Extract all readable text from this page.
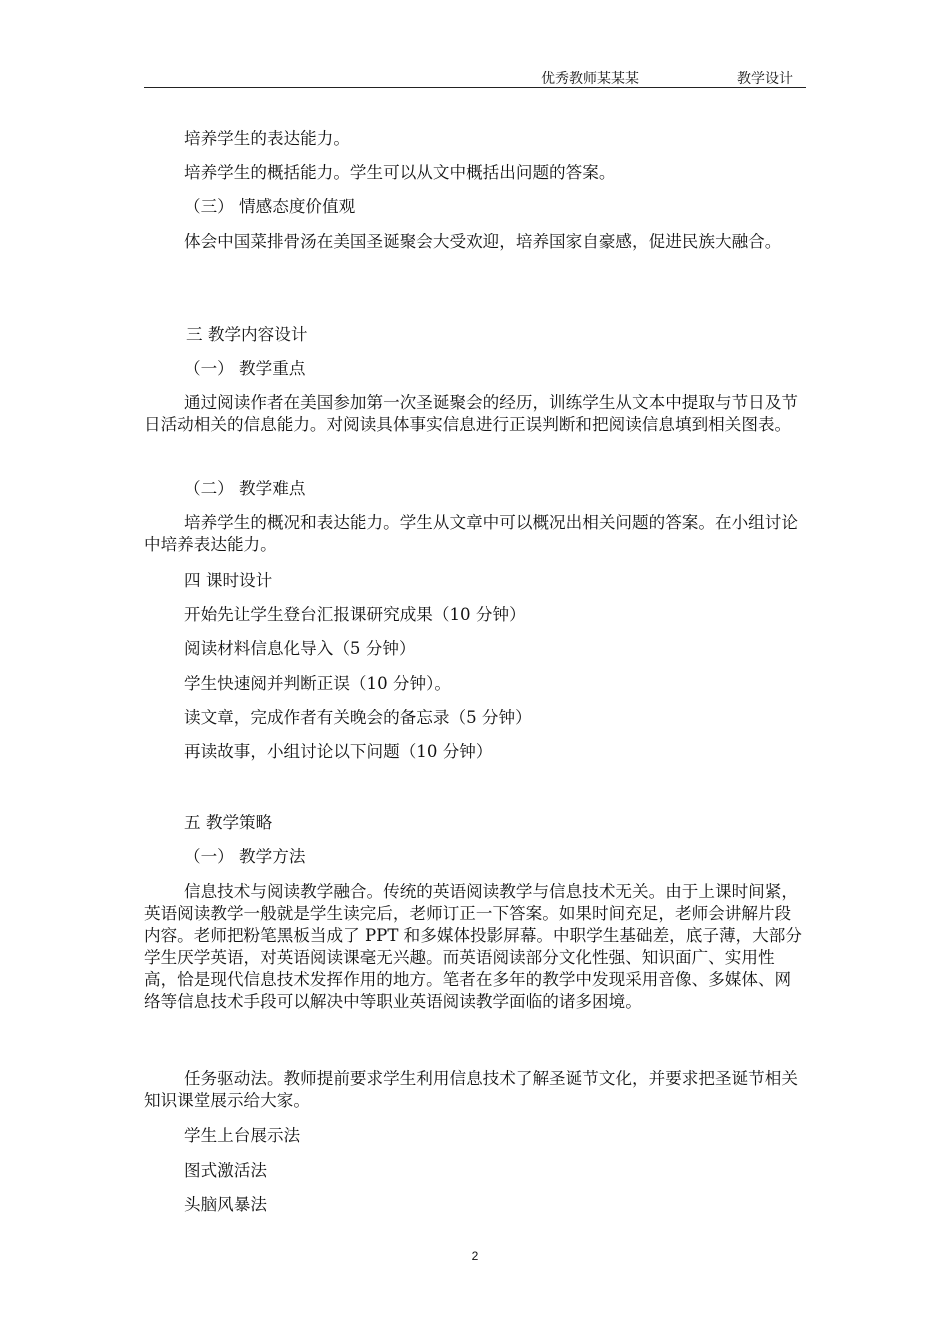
优秀教师某某某	教学设计
培养学生的表达能力。
培养学生的概括能力。学生可以从文中概括出问题的答案。
（三） 情感态度价值观
体会中国菜排骨汤在美国圣诞聚会大受欢迎，培养国家自豪感，促进民族大融合。
三 教学内容设计
（一） 教学重点
通过阅读作者在美国参加第一次圣诞聚会的经历，训练学生从文本中提取与节日及节日活动相关的信息能力。对阅读具体事实信息进行正误判断和把阅读信息填到相关图表。
（二） 教学难点
培养学生的概况和表达能力。学生从文章中可以概况出相关问题的答案。在小组讨论中培养表达能力。
四 课时设计
开始先让学生登台汇报课研究成果（10 分钟）
阅读材料信息化导入（5 分钟）
学生快速阅并判断正误（10 分钟）。
读文章，完成作者有关晚会的备忘录（5 分钟）
再读故事，小组讨论以下问题（10 分钟）
五 教学策略
（一） 教学方法
信息技术与阅读教学融合。传统的英语阅读教学与信息技术无关。由于上课时间紧，英语阅读教学一般就是学生读完后，老师订正一下答案。如果时间充足，老师会讲解片段内容。老师把粉笔黑板当成了 PPT 和多媒体投影屏幕。中职学生基础差，底子薄，大部分学生厌学英语，对英语阅读课毫无兴趣。而英语阅读部分文化性强、知识面广、实用性高，恰是现代信息技术发挥作用的地方。笔者在多年的教学中发现采用音像、多媒体、网络等信息技术手段可以解决中等职业英语阅读教学面临的诸多困境。
任务驱动法。教师提前要求学生利用信息技术了解圣诞节文化，并要求把圣诞节相关知识课堂展示给大家。
学生上台展示法
图式激活法
头脑风暴法
2
